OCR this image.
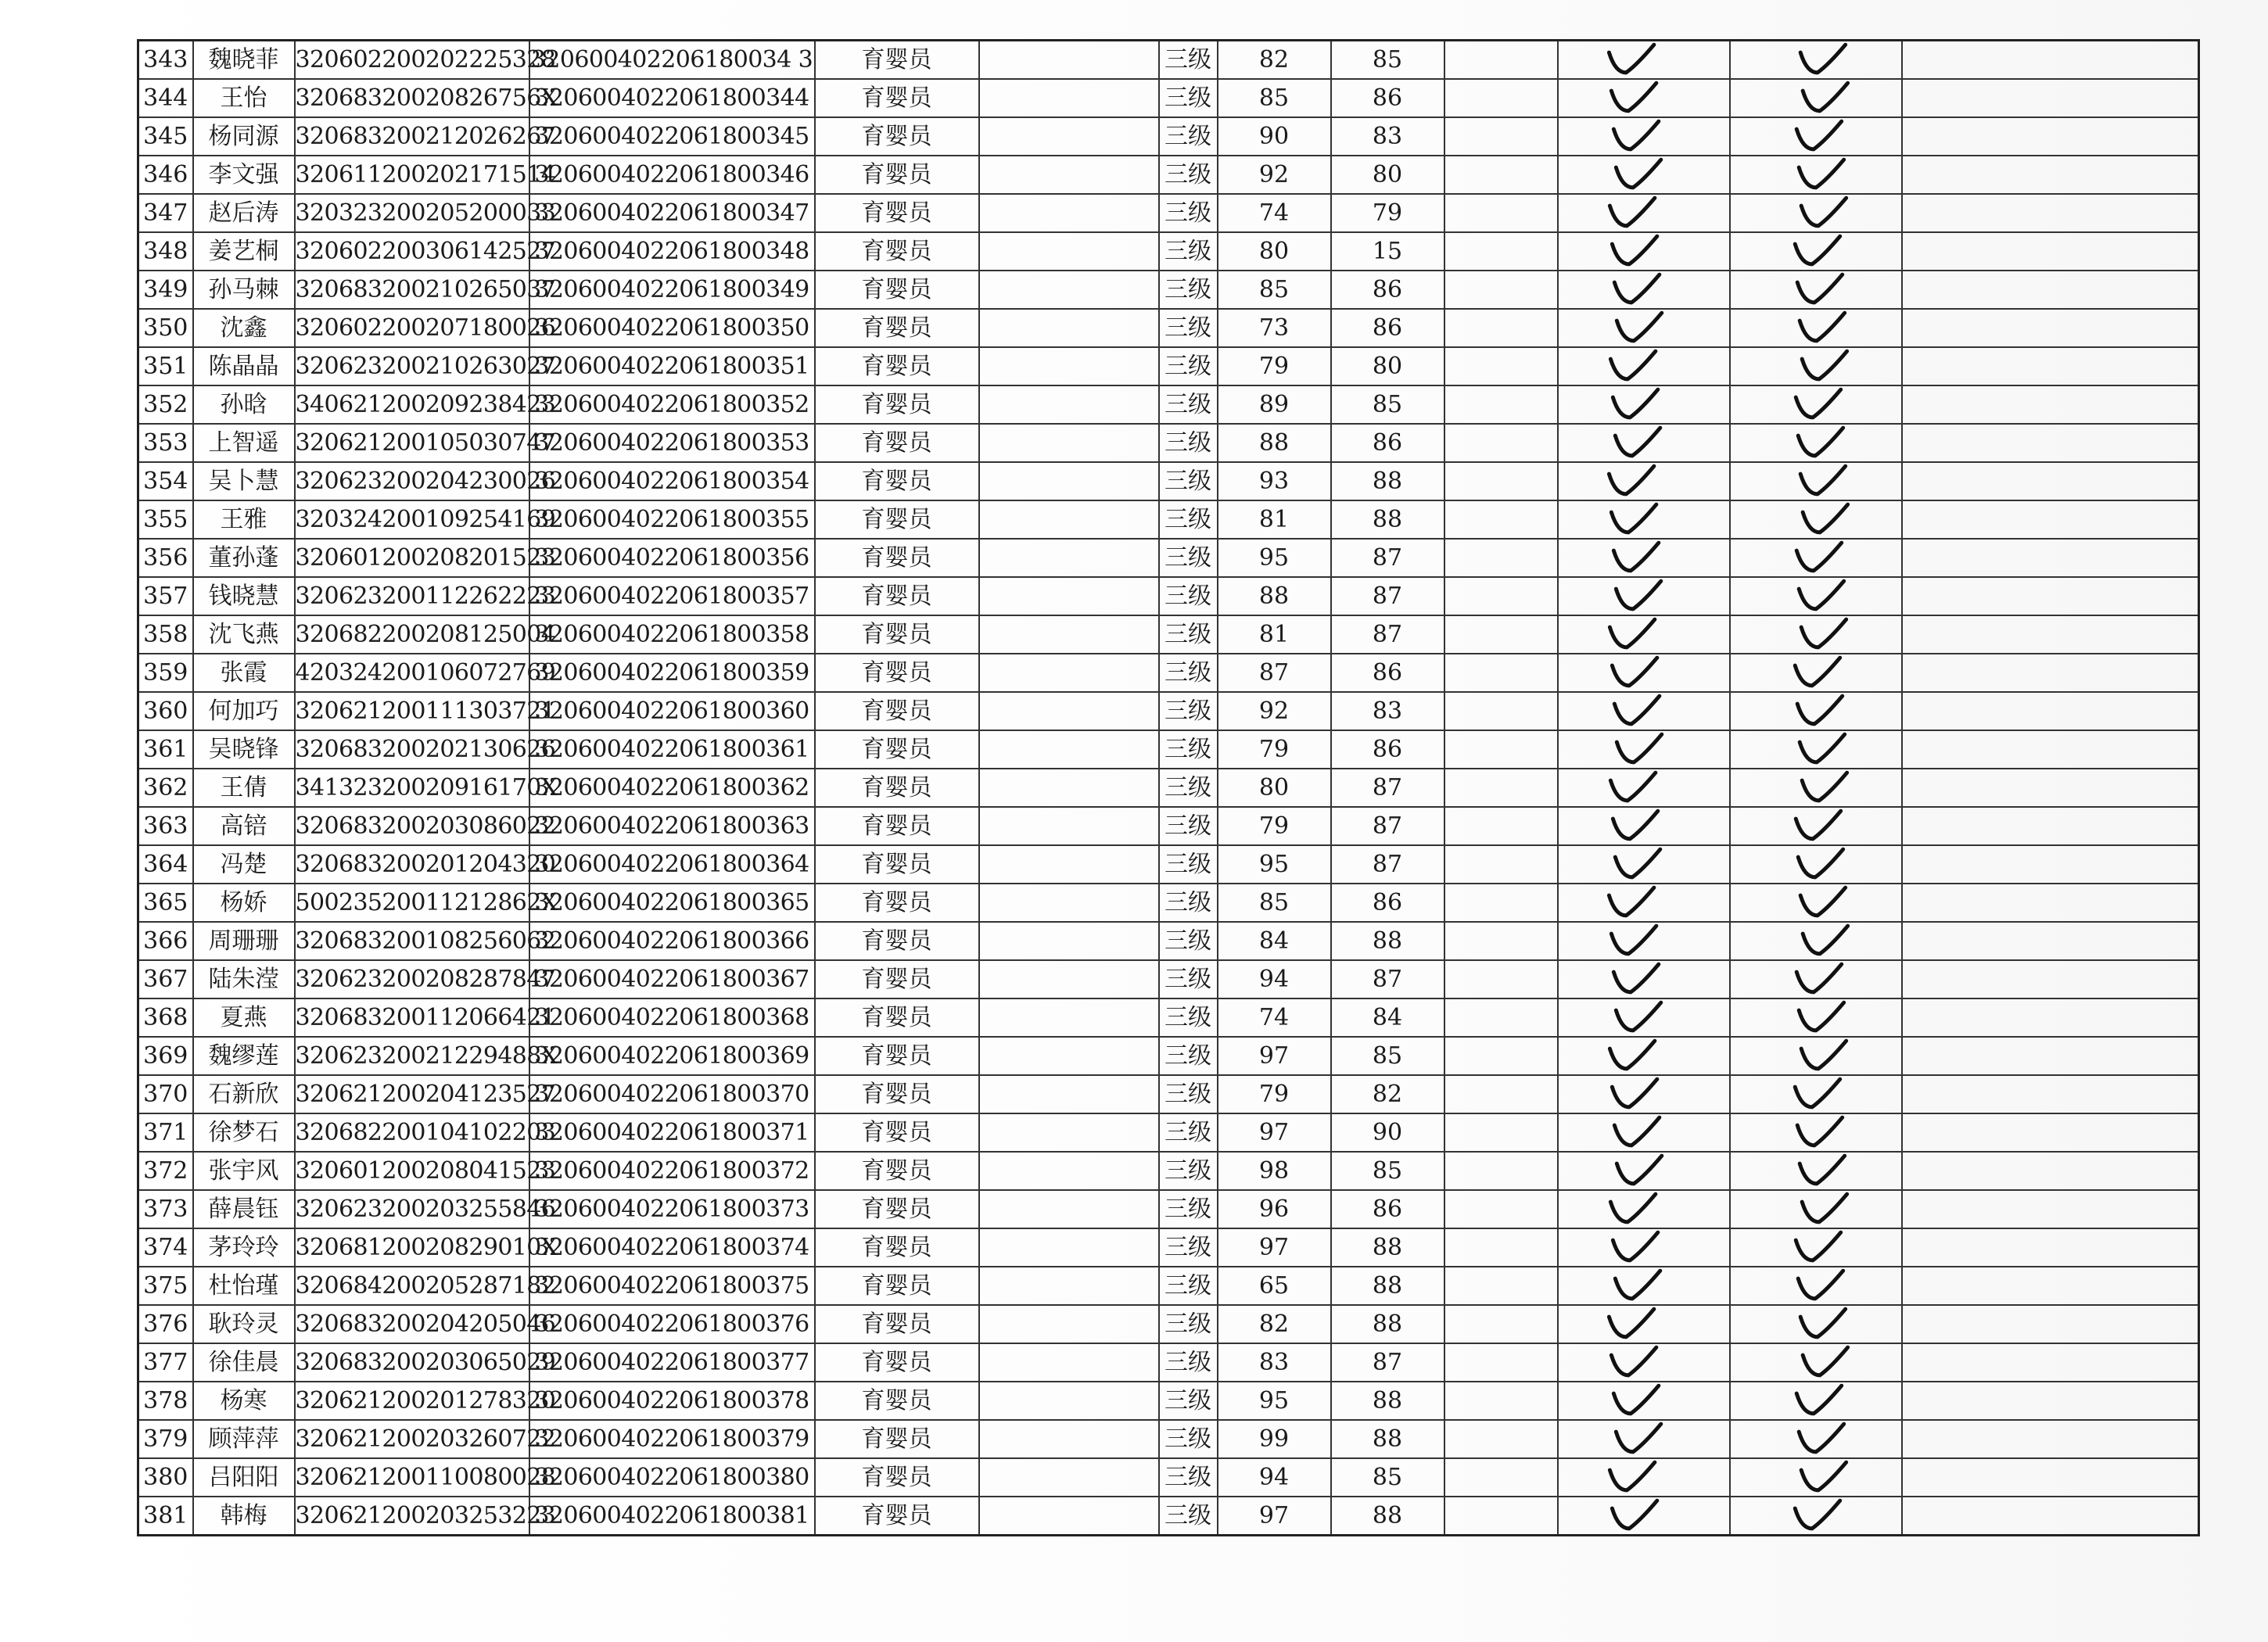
343	魏晓菲	320602200202225328	320600402206180034 3	育婴员		三级	82	85		

344	王怡	32068320020826756X	3206004022061800344	育婴员		三级	85	86		

345	杨同源	320683200212026267	3206004022061800345	育婴员		三级	90	83		

346	李文强	320611200202171514	3206004022061800346	育婴员		三级	92	80		

347	赵后涛	320323200205200033	3206004022061800347	育婴员		三级	74	79		

348	姜艺桐	320602200306142527	3206004022061800348	育婴员		三级	80	15		

349	孙马棘	320683200210265037	3206004022061800349	育婴员		三级	85	86		

350	沈鑫	320602200207180026	3206004022061800350	育婴员		三级	73	86		

351	陈晶晶	320623200210263027	3206004022061800351	育婴员		三级	79	80		

352	孙晗	340621200209238423	3206004022061800352	育婴员		三级	89	85		

353	上智遥	320621200105030747	3206004022061800353	育婴员		三级	88	86		

354	吴卜慧	320623200204230026	3206004022061800354	育婴员		三级	93	88		

355	王雅	320324200109254169	3206004022061800355	育婴员		三级	81	88		

356	董孙蓬	320601200208201523	3206004022061800356	育婴员		三级	95	87		

357	钱晓慧	320623200112262223	3206004022061800357	育婴员		三级	88	87		

358	沈飞燕	320682200208125004	3206004022061800358	育婴员		三级	81	87		

359	张霞	420324200106072769	3206004022061800359	育婴员		三级	87	86		

360	何加巧	320621200111303721	3206004022061800360	育婴员		三级	92	83		

361	吴晓锋	320683200202130626	3206004022061800361	育婴员		三级	79	86		

362	王倩	34132320020916170X	3206004022061800362	育婴员		三级	80	87		

363	高锫	320683200203086022	3206004022061800363	育婴员		三级	79	87		

364	冯楚	320683200201204320	3206004022061800364	育婴员		三级	95	87		

365	杨娇	50023520011212862X	3206004022061800365	育婴员		三级	85	86		

366	周珊珊	320683200108256062	3206004022061800366	育婴员		三级	84	88		

367	陆朱滢	320623200208287847	3206004022061800367	育婴员		三级	94	87		

368	夏燕	320683200112066421	3206004022061800368	育婴员		三级	74	84		

369	魏缪莲	32062320021229488X	3206004022061800369	育婴员		三级	97	85		

370	石新欣	320621200204123527	3206004022061800370	育婴员		三级	79	82		

371	徐梦石	320682200104102203	3206004022061800371	育婴员		三级	97	90		

372	张宇风	320601200208041523	3206004022061800372	育婴员		三级	98	85		

373	薛晨钰	320623200203255846	3206004022061800373	育婴员		三级	96	86		

374	茅玲玲	32068120020829010X	3206004022061800374	育婴员		三级	97	88		

375	杜怡瑾	320684200205287182	3206004022061800375	育婴员		三级	65	88		

376	耿玲灵	320683200204205046	3206004022061800376	育婴员		三级	82	88		

377	徐佳晨	320683200203065029	3206004022061800377	育婴员		三级	83	87		

378	杨寒	320621200201278320	3206004022061800378	育婴员		三级	95	88		

379	顾萍萍	320621200203260722	3206004022061800379	育婴员		三级	99	88		

380	吕阳阳	320621200110080028	3206004022061800380	育婴员		三级	94	85		

381	韩梅	320621200203253223	3206004022061800381	育婴员		三级	97	88		
